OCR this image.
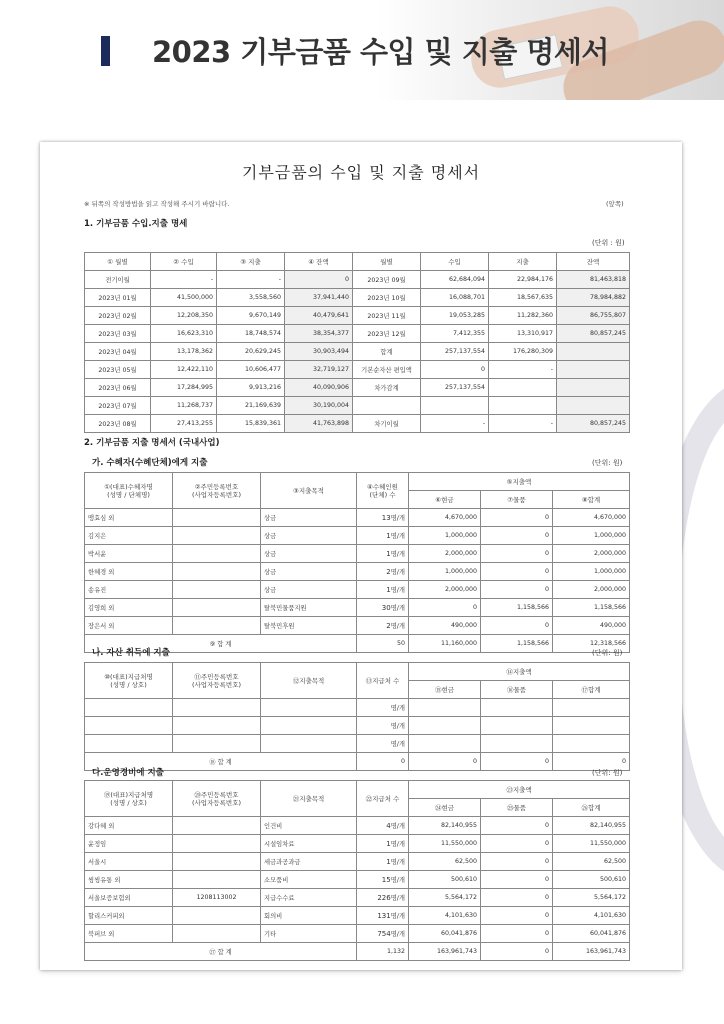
2023 기부금품 수입 및 지출 명세서
기부금품의 수입 및 지출 명세서
※ 뒤쪽의 작성방법을 읽고 작성해 주시기 바랍니다.	(앞쪽)
1. 기부금품 수입.지출 명세
(단위 : 원)
① 월별	② 수입	③ 지출	④ 잔액	월별	수입	지출	잔액
전기이월	-	-	0	2023년 09월	62,684,094	22,984,176	81,463,818
2023년 01월	41,500,000	3,558,560	37,941,440	2023년 10월	16,088,701	18,567,635	78,984,882
2023년 02월	12,208,350	9,670,149	40,479,641	2023년 11월	19,053,285	11,282,360	86,755,807
2023년 03월	16,623,310	18,748,574	38,354,377	2023년 12월	7,412,355	13,310,917	80,857,245
2023년 04월	13,178,362	20,629,245	30,903,494	합계	257,137,554	176,280,309	
2023년 05월	12,422,110	10,606,477	32,719,127	기본순자산 편입액	0	-	
2023년 06월	17,284,995	9,913,216	40,090,906	차가감계	257,137,554		
2023년 07월	11,268,737	21,169,639	30,190,004				
2023년 08월	27,413,255	15,839,361	41,763,898	차기이월	-	-	80,857,245
2. 기부금품 지출 명세서 (국내사업)
가. 수혜자(수혜단체)에게 지출	(단위: 원)
①(대표)수혜자명
(성명 / 단체명)	②주민등록번호
(사업자등록번호)	③지출목적	④수혜인원
(단체) 수	⑤지출액		
				⑥현금	⑦물품	⑧합계
맹효심 외		상금	13명/개	4,670,000	0	4,670,000
김지은		상금	1명/개	1,000,000	0	1,000,000
박서윤		상금	1명/개	2,000,000	0	2,000,000
한혜경 외		상금	2명/개	1,000,000	0	1,000,000
송유진		상금	1명/개	2,000,000	0	2,000,000
김영희 외		탈북민물품지원	30명/개	0	1,158,566	1,158,566
장은서 외		탈북민후원	2명/개	490,000	0	490,000
⑨ 합 계			50	11,160,000	1,158,566	12,318,566
나. 자산 취득에 지출	(단위: 원)
⑩(대표)지급처명
(성명 / 상호)	⑪주민등록번호
(사업자등록번호)	⑫지출목적	⑬지급처 수	⑭지출액		
				⑮현금	⑯물품	⑰합계
			명/개			
			명/개			
			명/개			
⑱ 합 계			0	0	0	0
다.운영경비에 지출	(단위: 원)
⑲(대표)지급처명
(성명 / 상호)	⑳주민등록번호
(사업자등록번호)	㉑지출목적	㉒지급처 수	㉓지출액		
				㉔현금	㉕물품	㉖합계
강다혜 외		인건비	4명/개	82,140,955	0	82,140,955
윤정임		시설임차료	1명/개	11,550,000	0	11,550,000
서울시		세금과공과금	1명/개	62,500	0	62,500
씽씽유통 외		소모품비	15명/개	500,610	0	500,610
서울보증보험외	1208113002	지급수수료	226명/개	5,564,172	0	5,564,172
할리스커피외		회의비	131명/개	4,101,630	0	4,101,630
북퍼브 외		기타	754명/개	60,041,876	0	60,041,876
㉗ 합 계			1,132	163,961,743	0	163,961,743
